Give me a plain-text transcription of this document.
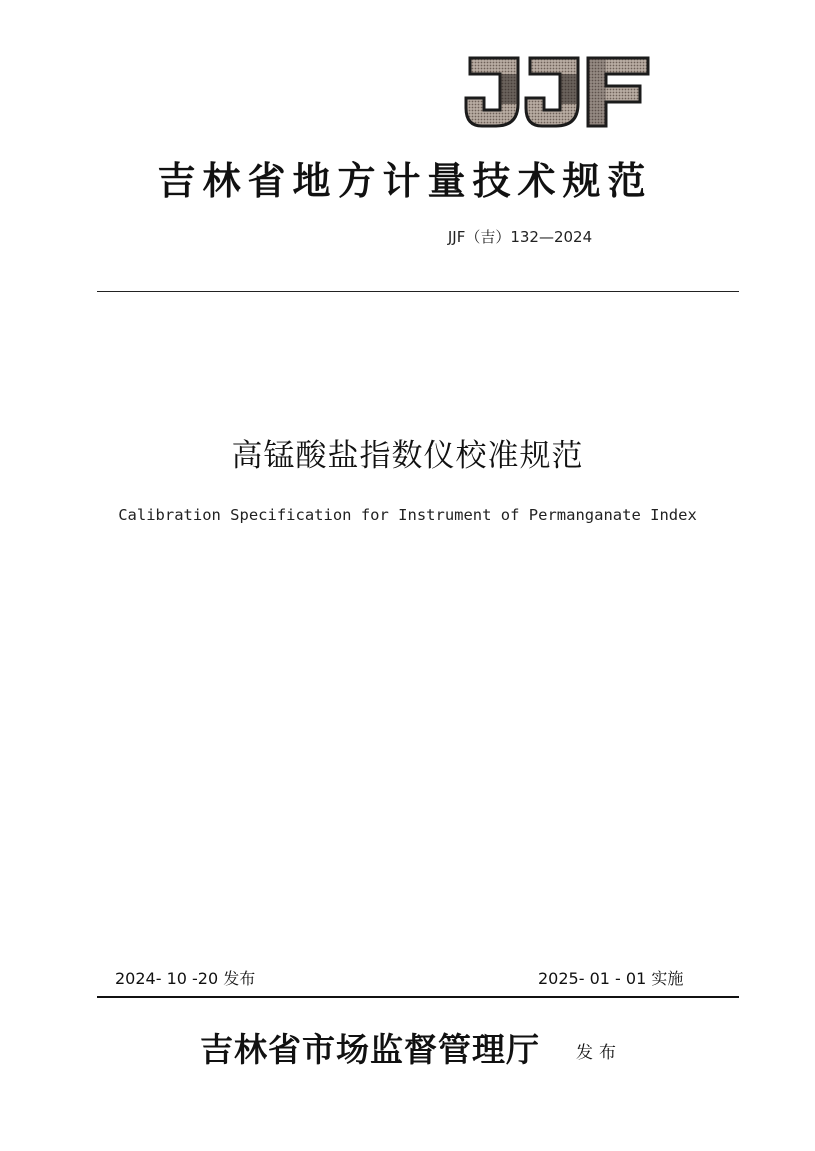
吉林省地方计量技术规范
JJF（吉）132—2024
高锰酸盐指数仪校准规范
Calibration Specification for Instrument of Permanganate Index
2024- 10 -20 发布	2025- 01 - 01 实施
吉林省市场监督管理厅 发布
